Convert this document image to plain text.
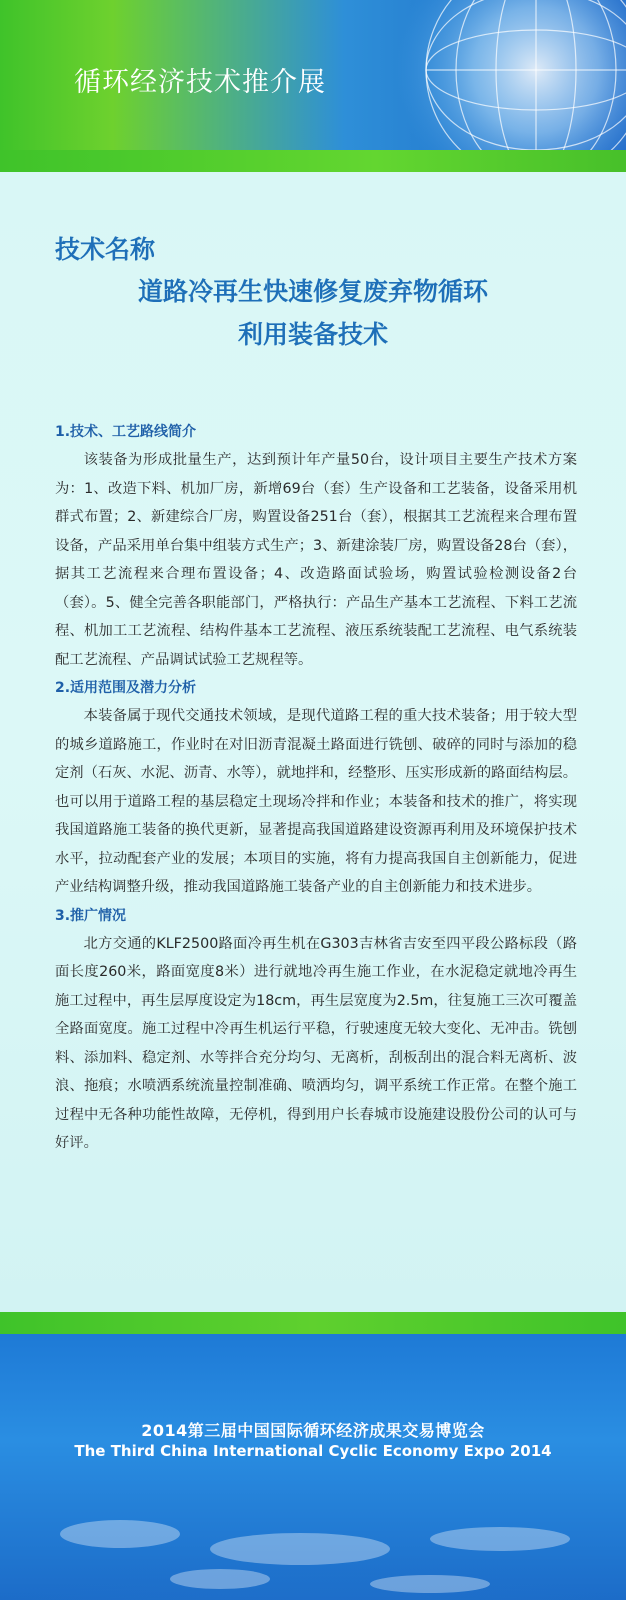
循环经济技术推介展
技术名称
道路冷再生快速修复废弃物循环
利用装备技术
1.技术、工艺路线简介

该装备为形成批量生产，达到预计年产量50台，设计项目主要生产技术方案为：1、改造下料、机加厂房，新增69台（套）生产设备和工艺装备，设备采用机群式布置；2、新建综合厂房，购置设备251台（套），根据其工艺流程来合理布置设备，产品采用单台集中组装方式生产；3、新建涂装厂房，购置设备28台（套），据其工艺流程来合理布置设备；4、改造路面试验场，购置试验检测设备2台（套）。5、健全完善各职能部门，严格执行：产品生产基本工艺流程、下料工艺流程、机加工工艺流程、结构件基本工艺流程、液压系统装配工艺流程、电气系统装配工艺流程、产品调试试验工艺规程等。

2.适用范围及潜力分析

本装备属于现代交通技术领域，是现代道路工程的重大技术装备；用于较大型的城乡道路施工，作业时在对旧沥青混凝土路面进行铣刨、破碎的同时与添加的稳定剂（石灰、水泥、沥青、水等），就地拌和，经整形、压实形成新的路面结构层。也可以用于道路工程的基层稳定土现场冷拌和作业；本装备和技术的推广，将实现我国道路施工装备的换代更新，显著提高我国道路建设资源再利用及环境保护技术水平，拉动配套产业的发展；本项目的实施，将有力提高我国自主创新能力，促进产业结构调整升级，推动我国道路施工装备产业的自主创新能力和技术进步。

3.推广情况

北方交通的KLF2500路面冷再生机在G303吉林省吉安至四平段公路标段（路面长度260米，路面宽度8米）进行就地冷再生施工作业，在水泥稳定就地冷再生施工过程中，再生层厚度设定为18cm，再生层宽度为2.5m，往复施工三次可覆盖全路面宽度。施工过程中冷再生机运行平稳，行驶速度无较大变化、无冲击。铣刨料、添加料、稳定剂、水等拌合充分均匀、无离析，刮板刮出的混合料无离析、波浪、拖痕；水喷洒系统流量控制准确、喷洒均匀，调平系统工作正常。在整个施工过程中无各种功能性故障，无停机，得到用户长春城市设施建设股份公司的认可与好评。

2014第三届中国国际循环经济成果交易博览会
The Third China International Cyclic Economy Expo 2014
